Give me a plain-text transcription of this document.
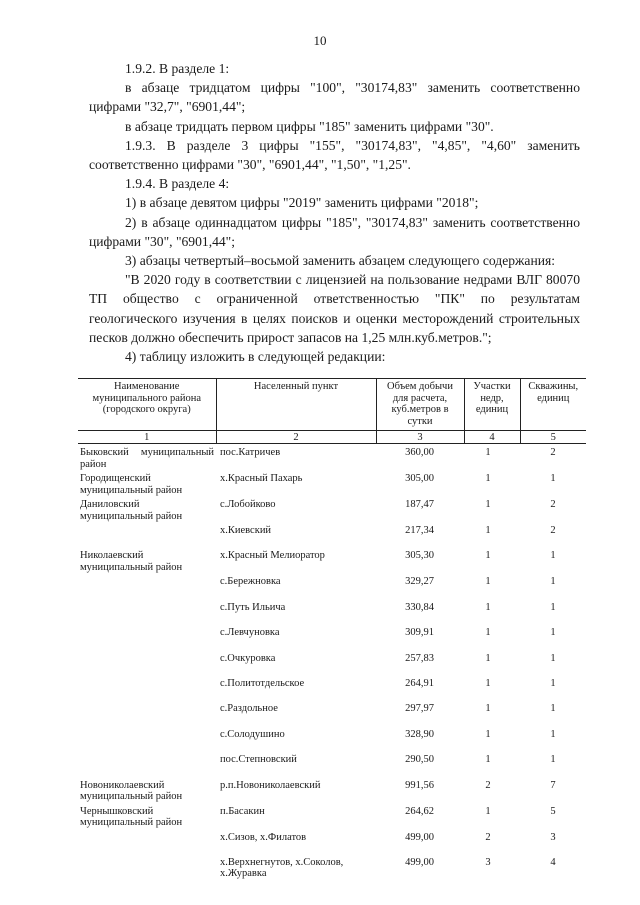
10

1.9.2. В разделе 1:

в абзаце тридцатом цифры "100", "30174,83" заменить соответственно цифрами "32,7", "6901,44";

в абзаце тридцать первом цифры "185" заменить цифрами "30".

1.9.3. В разделе 3 цифры "155", "30174,83", "4,85", "4,60" заменить соответственно цифрами "30", "6901,44", "1,50", "1,25".

1.9.4. В разделе 4:

1) в абзаце девятом цифры "2019" заменить цифрами "2018";

2) в абзаце одиннадцатом цифры "185", "30174,83" заменить соответственно цифрами "30", "6901,44";

3) абзацы четвертый–восьмой заменить абзацем следующего содержания:

"В 2020 году в соответствии с лицензией на пользование недрами ВЛГ 80070 ТП обществo с ограниченной ответственностью "ПК" по результатам геологического изучения в целях поисков и оценки месторождений строительных песков должно обеспечить прирост запасов на 1,25 млн.куб.метров.";

4) таблицу изложить в следующей редакции:

Наименование муниципального района (городского округа)	Населенный пункт	Объем добычи для расчета, куб.метров в сутки	Участки недр, единиц	Скважины, единиц
1	2	3	4	5
Быковский муниципальный район	пос.Катричев	360,00	1	2
Городищенский муниципальный район	х.Красный Пахарь	305,00	1	1
Даниловский муниципальный район	с.Лобойково	187,47	1	2
	х.Киевский	217,34	1	2
Николаевский муниципальный район	х.Красный Мелиоратор	305,30	1	1
	с.Бережновка	329,27	1	1
	с.Путь Ильича	330,84	1	1
	с.Левчуновка	309,91	1	1
	с.Очкуровка	257,83	1	1
	с.Политотдельское	264,91	1	1
	с.Раздольное	297,97	1	1
	с.Солодушино	328,90	1	1
	пос.Степновский	290,50	1	1
Новониколаевский муниципальный район	р.п.Новониколаевский	991,56	2	7
Чернышковский муниципальный район	п.Басакин	264,62	1	5
	х.Сизов, х.Филатов	499,00	2	3
	х.Верхнегнутов, х.Соколов, х.Журавка	499,00	3	4
